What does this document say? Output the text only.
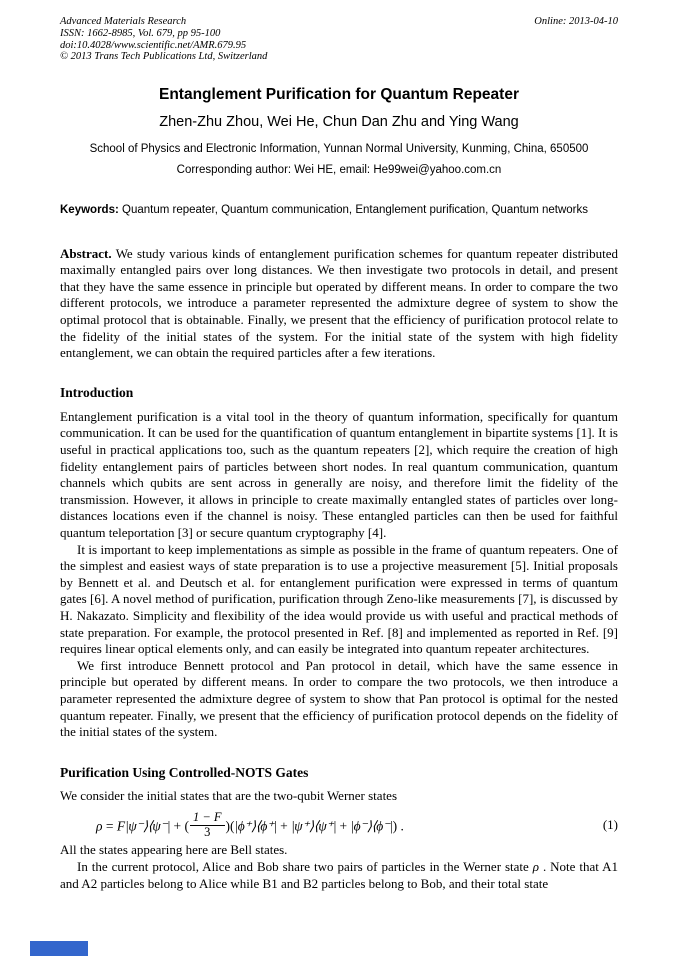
Advanced Materials Research
ISSN: 1662-8985, Vol. 679, pp 95-100
doi:10.4028/www.scientific.net/AMR.679.95
© 2013 Trans Tech Publications Ltd, Switzerland
Online: 2013-04-10
Entanglement Purification for Quantum Repeater
Zhen-Zhu Zhou, Wei He, Chun Dan Zhu and Ying Wang
School of Physics and Electronic Information, Yunnan Normal University, Kunming, China, 650500
Corresponding author: Wei HE, email: He99wei@yahoo.com.cn

Keywords: Quantum repeater, Quantum communication, Entanglement purification, Quantum networks

Abstract. We study various kinds of entanglement purification schemes for quantum repeater distributed maximally entangled pairs over long distances. We then investigate two protocols in detail, and present that they have the same essence in principle but operated by different means. In order to compare the two different protocols, we introduce a parameter represented the admixture degree of system to show the optimal protocol that is obtainable. Finally, we present that the efficiency of purification protocol relate to the fidelity of the initial states of the system. For the initial state of the system with high fidelity entanglement, we can obtain the required particles after a few iterations.

Introduction

Entanglement purification is a vital tool in the theory of quantum information, specifically for quantum communication. It can be used for the quantification of quantum entanglement in bipartite systems [1]. It is useful in practical applications too, such as the quantum repeaters [2], which require the creation of high fidelity entanglement pairs of particles between short nodes. In real quantum communication, quantum channels which qubits are sent across in generally are noisy, and therefore limit the fidelity of the transmission. However, it allows in principle to create maximally entangled states of particles over long-distances locations even if the channel is noisy. These entangled particles can then be used for faithful quantum teleportation [3] or secure quantum cryptography [4].

It is important to keep implementations as simple as possible in the frame of quantum repeaters. One of the simplest and easiest ways of state preparation is to use a projective measurement [5]. Initial proposals by Bennett et al. and Deutsch et al. for entanglement purification were expressed in terms of quantum gates [6]. A novel method of purification, purification through Zeno-like measurements [7], is discussed by H. Nakazato. Simplicity and flexibility of the idea would provide us with useful and practical methods of state preparation. For example, the protocol presented in Ref. [8] and implemented as reported in Ref. [9] requires linear optical elements only, and can easily be integrated into quantum repeater architectures.

We first introduce Bennett protocol and Pan protocol in detail, which have the same essence in principle but operated by different means. In order to compare the two protocols, we then introduce a parameter represented the admixture degree of system to show that Pan protocol is optimal for the nested quantum repeater. Finally, we present that the efficiency of purification protocol depends on the fidelity of the initial states of the system.

Purification Using Controlled-NOTS Gates

We consider the initial states that are the two-qubit Werner states

ρ = F|ψ⁻⟩⟨ψ⁻| + ( $\frac{1 - F}{3}$ )(|ϕ⁺⟩⟨ϕ⁺| + |ψ⁺⟩⟨ψ⁺| + |ϕ⁻⟩⟨ϕ⁻|) .	(1)

All the states appearing here are Bell states.

In the current protocol, Alice and Bob share two pairs of particles in the Werner state ρ . Note that A1 and A2 particles belong to Alice while B1 and B2 particles belong to Bob, and their total state
